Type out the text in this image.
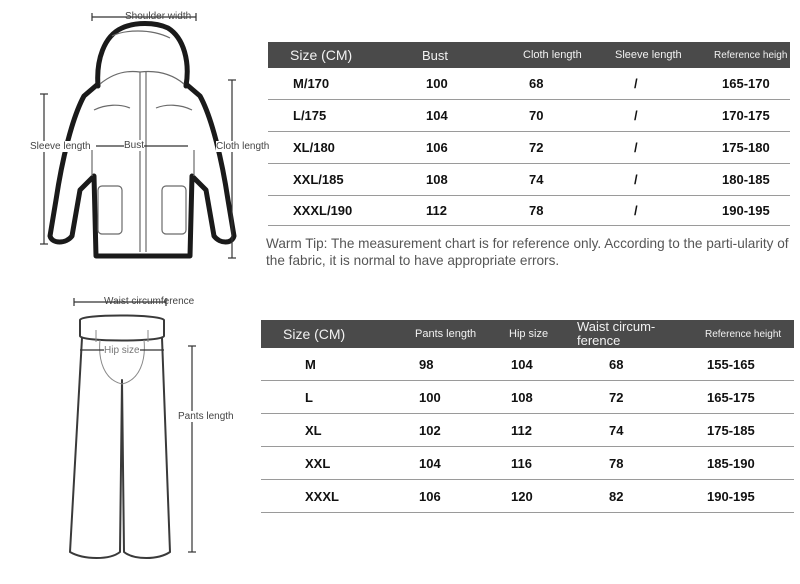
Shoulder width
Sleeve length	Bust	Cloth length
Waist circumference
Hip size
Pants length
Size (CM)	Bust	Cloth length	Sleeve length	Reference heigh
M/170	100	68	/	165-170
L/175	104	70	/	170-175
XL/180	106	72	/	175-180
XXL/185	108	74	/	180-185
XXXL/190	112	78	/	190-195
Warm Tip: The measurement chart is for reference only. According to the parti-ularity of the fabric, it is normal to have appropriate errors.
Size (CM)	Pants length	Hip size	Waist circum-ference	Reference height
M	98	104	68	155-165
L	100	108	72	165-175
XL	102	112	74	175-185
XXL	104	116	78	185-190
XXXL	106	120	82	190-195
